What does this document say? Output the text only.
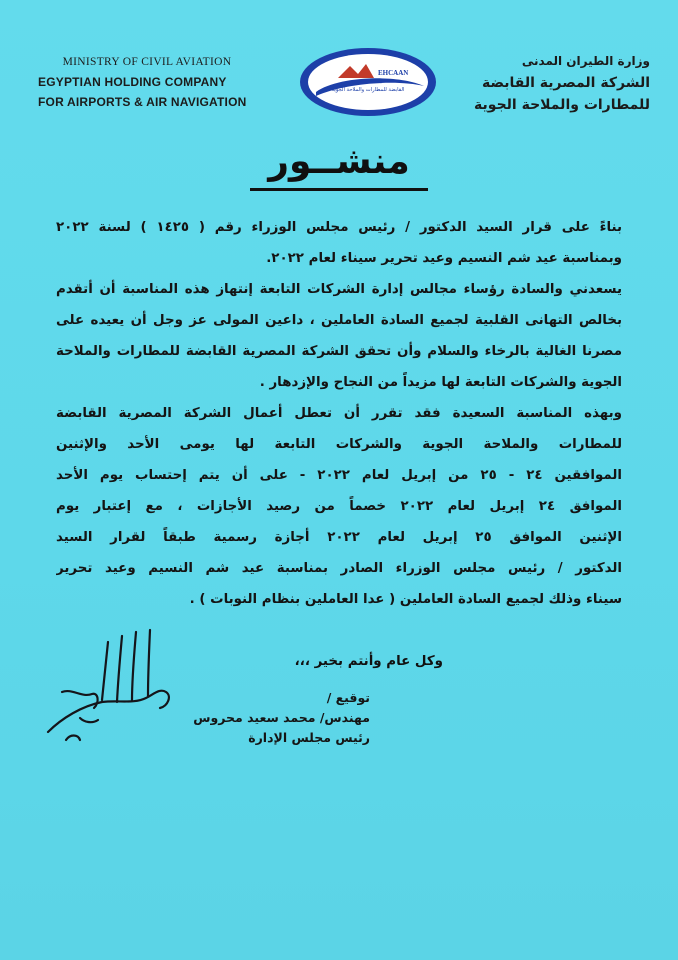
MINISTRY OF CIVIL AVIATION
EGYPTIAN HOLDING COMPANY
FOR AIRPORTS & AIR NAVIGATION
EHCAAN
القابضة للمطارات والملاحة الجوية
وزارة الطيران المدنى
الشركة المصرية القابضة
للمطارات والملاحة الجوية
منشــور
بناءً على قرار السيد الدكتور / رئيس مجلس الوزراء رقم ( ١٤٢٥ ) لسنة ٢٠٢٢
وبمناسبة عيد شم النسيم وعيد تحرير سيناء لعام ٢٠٢٢.
يسعدني والسادة رؤساء مجالس إدارة الشركات التابعة إنتهاز هذه المناسبة أن أتقدم
بخالص التهانى القلبية لجميع السادة العاملين ، داعين المولى عز وجل أن يعيده على
مصرنا الغالية بالرخاء والسلام وأن تحقق الشركة المصرية القابضة للمطارات والملاحة
الجوية والشركات التابعة لها مزيداً من النجاح والإزدهار .
وبهذه المناسبة السعيدة فقد تقرر أن تعطل أعمال الشركة المصرية القابضة
للمطارات والملاحة الجوية والشركات التابعة لها يومى الأحد والإثنين
الموافقين ٢٤ - ٢٥ من إبريل لعام ٢٠٢٢ - على أن يتم إحتساب يوم الأحد
الموافق ٢٤ إبريل لعام ٢٠٢٢ خصماً من رصيد الأجازات ، مع إعتبار يوم
الإثنين الموافق ٢٥ إبريل لعام ٢٠٢٢ أجازة رسمية طبقاً لقرار السيد
الدكتور / رئيس مجلس الوزراء الصادر بمناسبة عيد شم النسيم وعيد تحرير
سيناء وذلك لجميع السادة العاملين ( عدا العاملين بنظام النوبات ) .
وكل عام وأنتم بخير ،،،
توقيع /
مهندس/ محمد سعيد محروس
رئيس مجلس الإدارة
